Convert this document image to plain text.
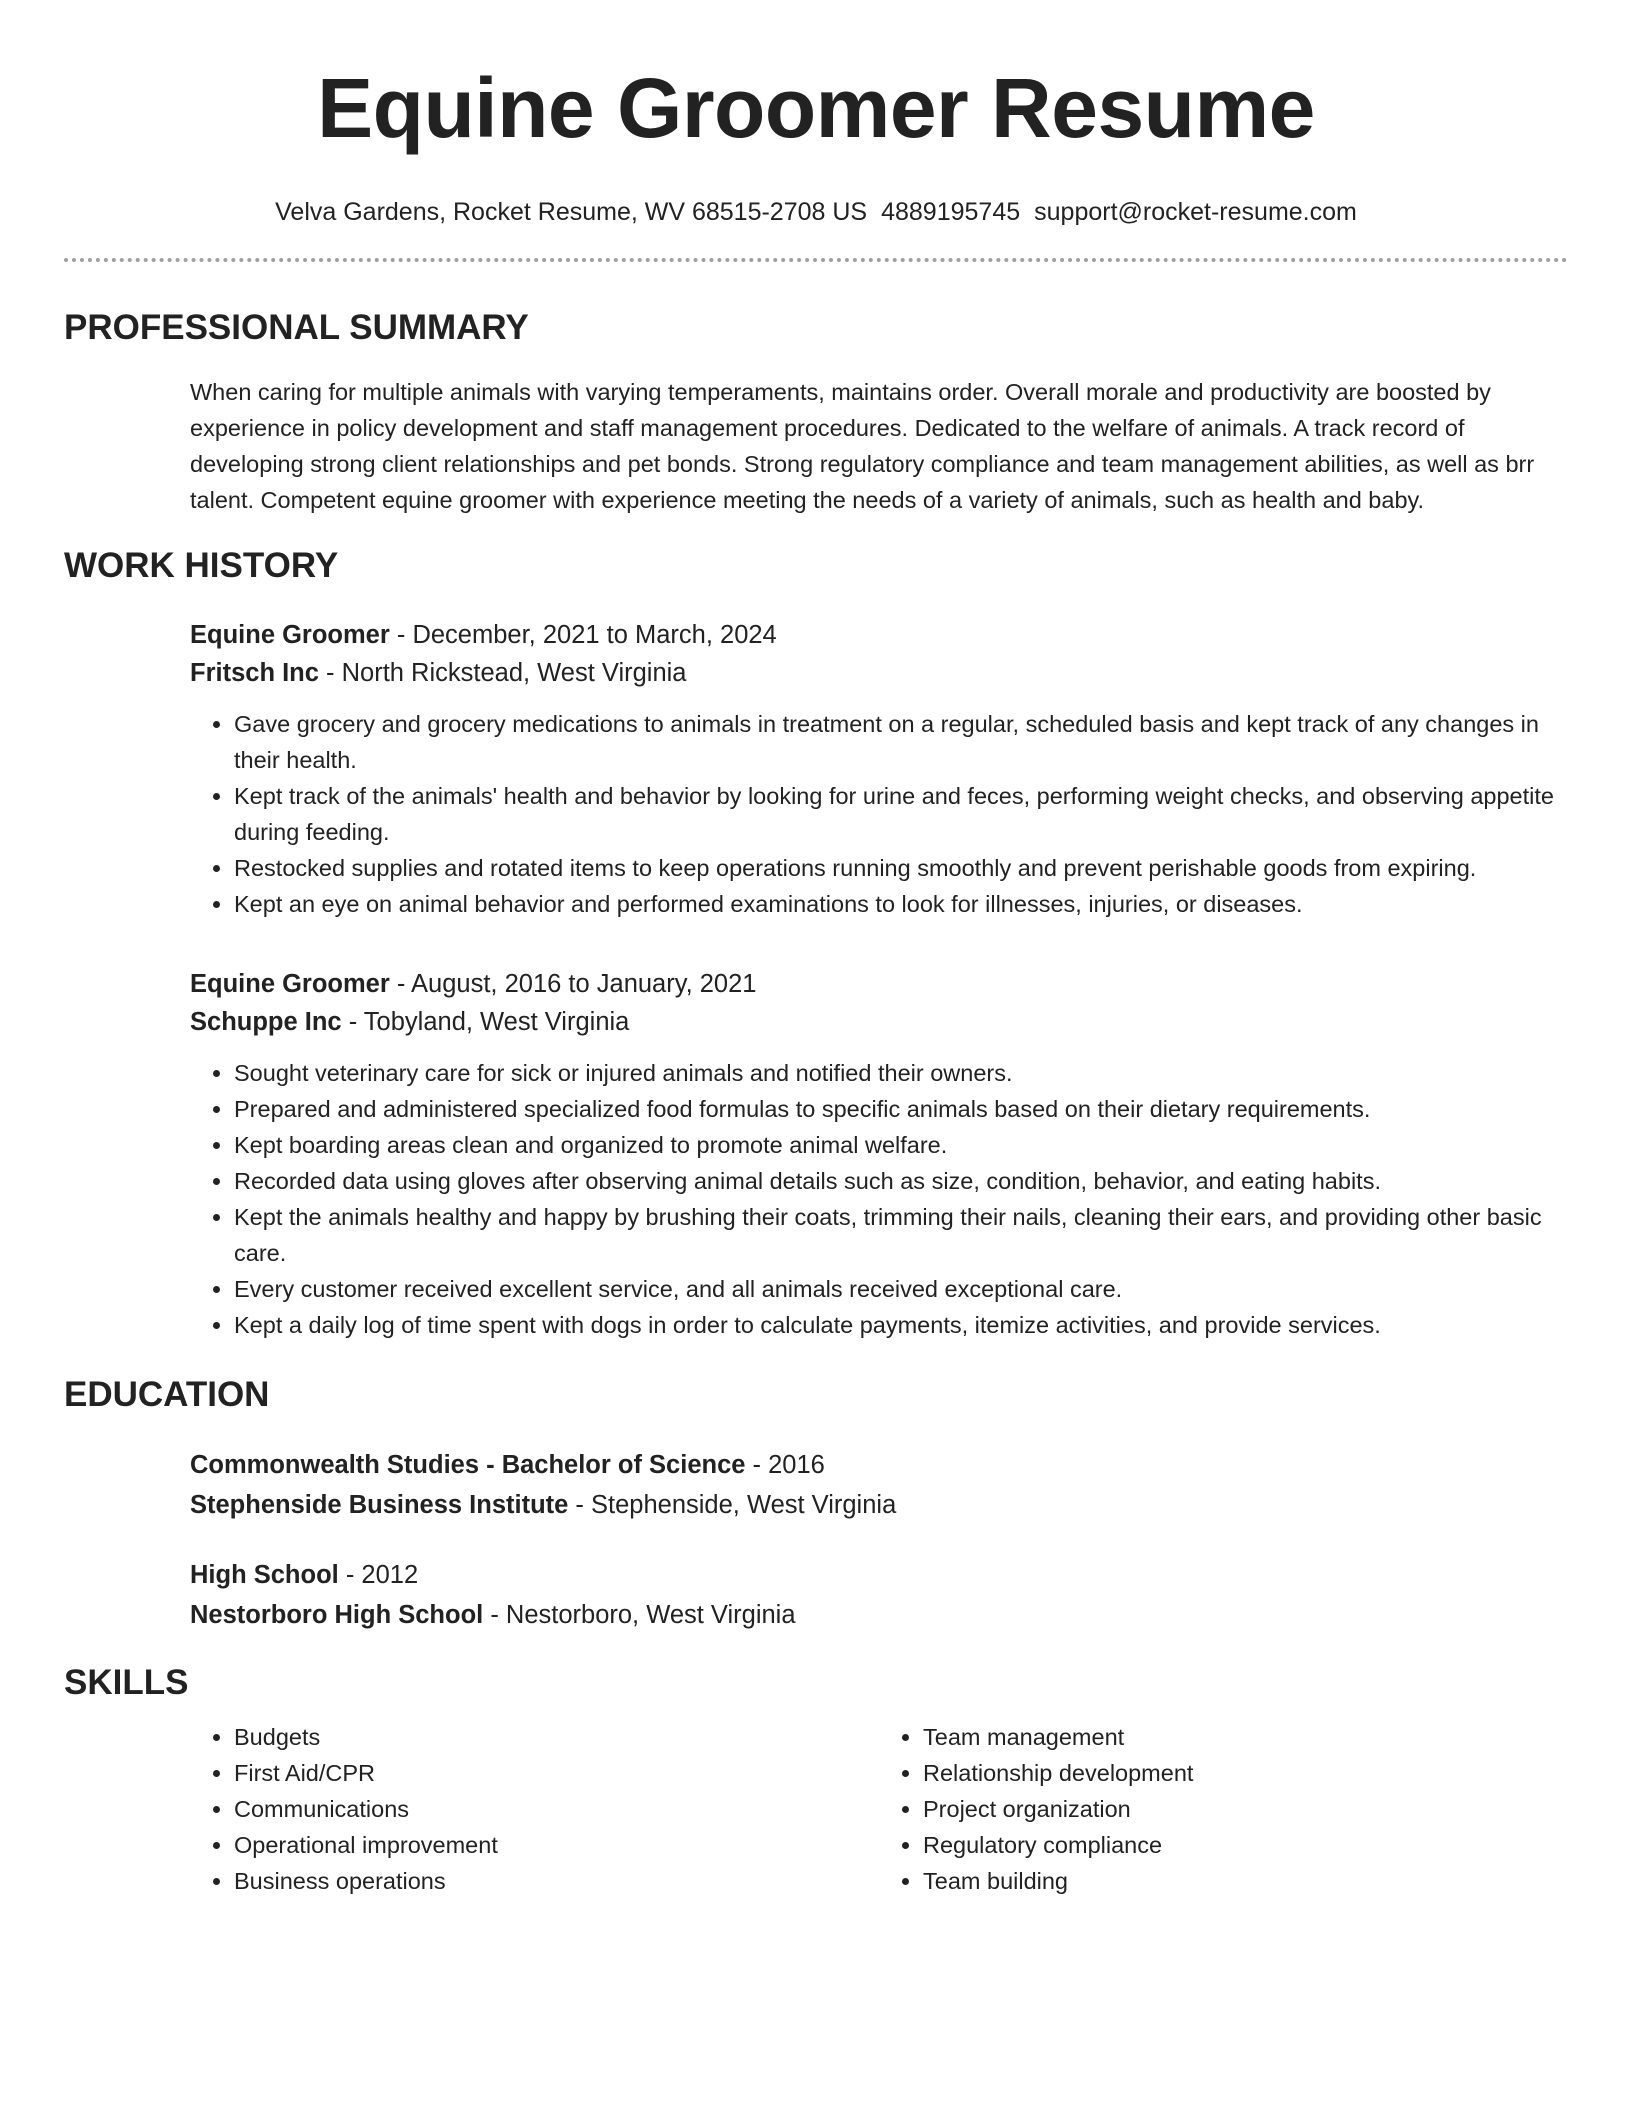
Equine Groomer Resume
Velva Gardens, Rocket Resume, WV 68515-2708 US 4889195745 support@rocket-resume.com
PROFESSIONAL SUMMARY
When caring for multiple animals with varying temperaments, maintains order. Overall morale and productivity are boosted by experience in policy development and staff management procedures. Dedicated to the welfare of animals. A track record of developing strong client relationships and pet bonds. Strong regulatory compliance and team management abilities, as well as brr talent. Competent equine groomer with experience meeting the needs of a variety of animals, such as health and baby.
WORK HISTORY
Equine Groomer - December, 2021 to March, 2024
Fritsch Inc - North Rickstead, West Virginia
• Gave grocery and grocery medications to animals in treatment on a regular, scheduled basis and kept track of any changes in their health.
• Kept track of the animals' health and behavior by looking for urine and feces, performing weight checks, and observing appetite during feeding.
• Restocked supplies and rotated items to keep operations running smoothly and prevent perishable goods from expiring.
• Kept an eye on animal behavior and performed examinations to look for illnesses, injuries, or diseases.
Equine Groomer - August, 2016 to January, 2021
Schuppe Inc - Tobyland, West Virginia
• Sought veterinary care for sick or injured animals and notified their owners.
• Prepared and administered specialized food formulas to specific animals based on their dietary requirements.
• Kept boarding areas clean and organized to promote animal welfare.
• Recorded data using gloves after observing animal details such as size, condition, behavior, and eating habits.
• Kept the animals healthy and happy by brushing their coats, trimming their nails, cleaning their ears, and providing other basic care.
• Every customer received excellent service, and all animals received exceptional care.
• Kept a daily log of time spent with dogs in order to calculate payments, itemize activities, and provide services.
EDUCATION
Commonwealth Studies - Bachelor of Science - 2016
Stephenside Business Institute - Stephenside, West Virginia
High School - 2012
Nestorboro High School - Nestorboro, West Virginia
SKILLS
• Budgets
• First Aid/CPR
• Communications
• Operational improvement
• Business operations
• Team management
• Relationship development
• Project organization
• Regulatory compliance
• Team building
